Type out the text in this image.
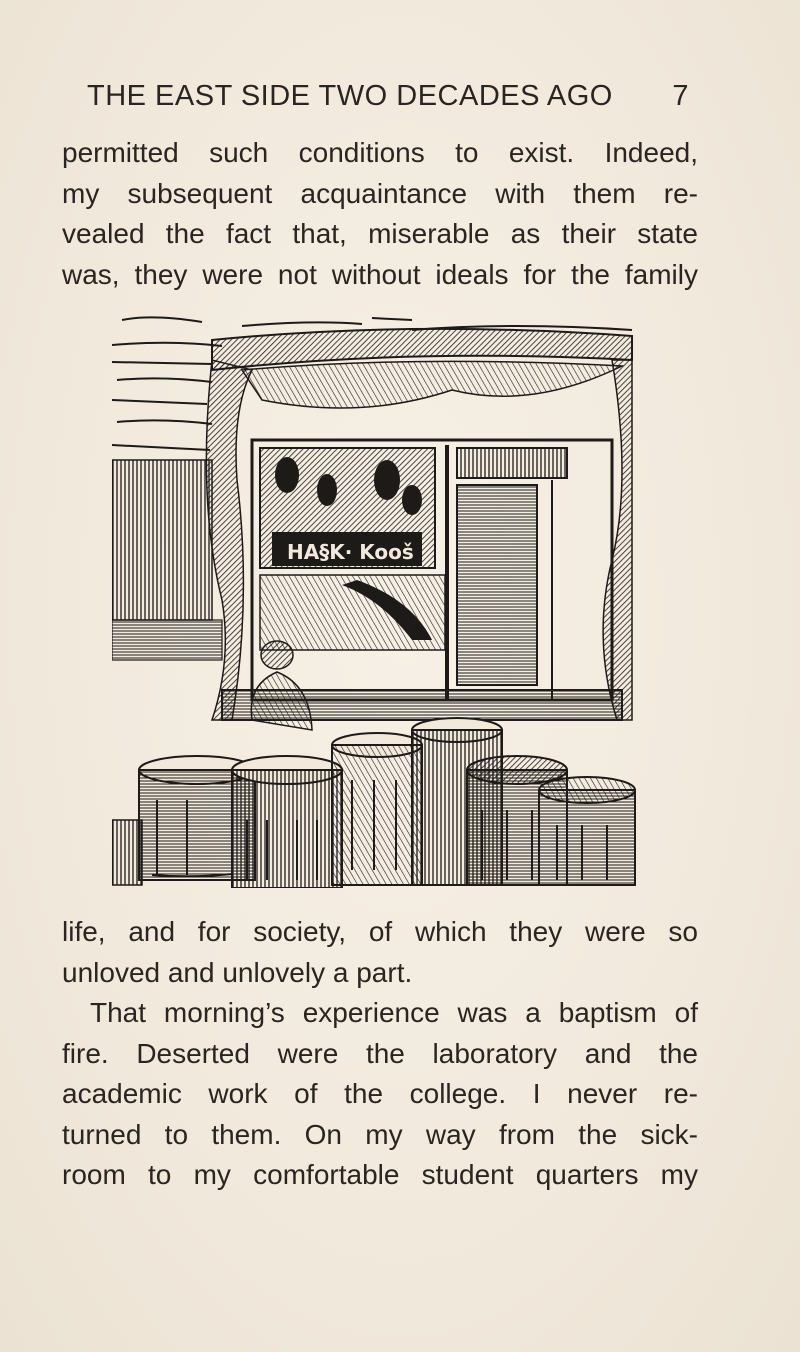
THE EAST SIDE TWO DECADES AGO 7
permitted such conditions to exist. Indeed,
my subsequent acquaintance with them re-
vealed the fact that, miserable as their state
was, they were not without ideals for the family
HA§K· Kooš
life, and for society, of which they were so
unloved and unlovely a part.
That morning’s experience was a baptism of
fire. Deserted were the laboratory and the
academic work of the college. I never re-
turned to them. On my way from the sick-
room to my comfortable student quarters my
